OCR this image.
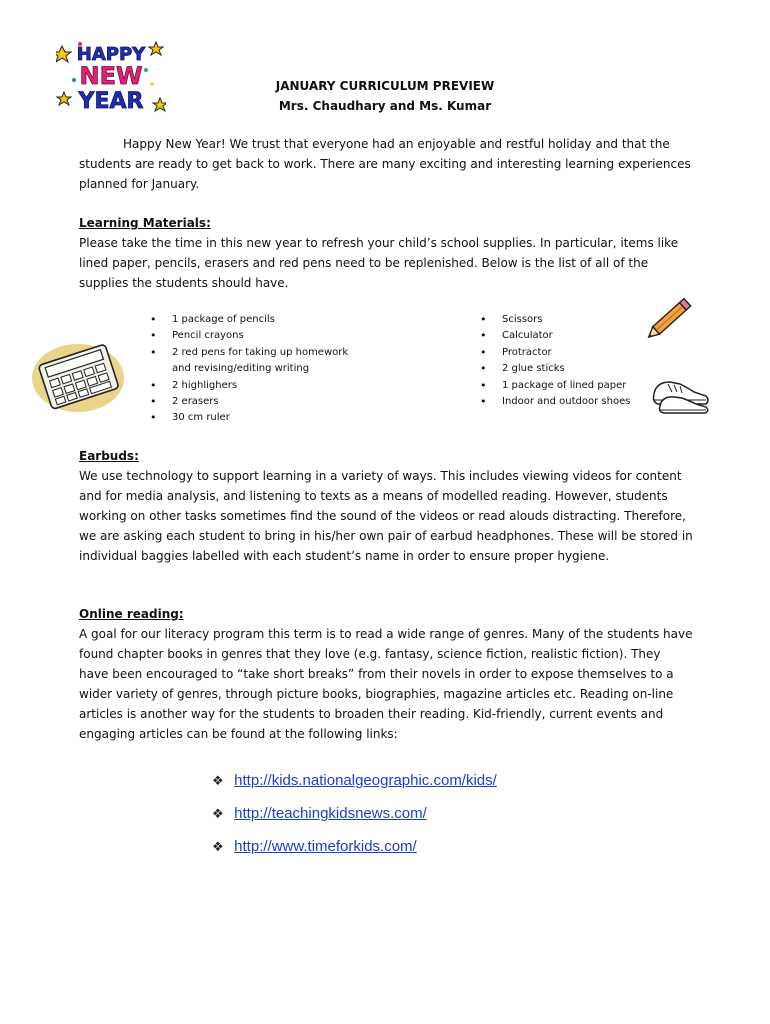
HAPPY
NEW
YEAR
JANUARY CURRICULUM PREVIEW
Mrs. Chaudhary and Ms. Kumar

Happy New Year! We trust that everyone had an enjoyable and restful holiday and that the students are ready to get back to work. There are many exciting and interesting learning experiences planned for January.

Learning Materials:

Please take the time in this new year to refresh your child’s school supplies. In particular, items like lined paper, pencils, erasers and red pens need to be replenished. Below is the list of all of the supplies the students should have.

• 1 package of pencils
• Pencil crayons
• 2 red pens for taking up homework and revising/editing writing
• 2 highlighers
• 2 erasers
• 30 cm ruler
• Scissors
• Calculator
• Protractor
• 2 glue sticks
• 1 package of lined paper
• Indoor and outdoor shoes
Earbuds:

We use technology to support learning in a variety of ways. This includes viewing videos for content and for media analysis, and listening to texts as a means of modelled reading. However, students working on other tasks sometimes find the sound of the videos or read alouds distracting. Therefore, we are asking each student to bring in his/her own pair of earbud headphones. These will be stored in individual baggies labelled with each student’s name in order to ensure proper hygiene.

Online reading:

A goal for our literacy program this term is to read a wide range of genres. Many of the students have found chapter books in genres that they love (e.g. fantasy, science fiction, realistic fiction). They have been encouraged to “take short breaks” from their novels in order to expose themselves to a wider variety of genres, through picture books, biographies, magazine articles etc. Reading on-line articles is another way for the students to broaden their reading. Kid-friendly, current events and engaging articles can be found at the following links:

❖ http://kids.nationalgeographic.com/kids/
❖ http://teachingkidsnews.com/
❖ http://www.timeforkids.com/
